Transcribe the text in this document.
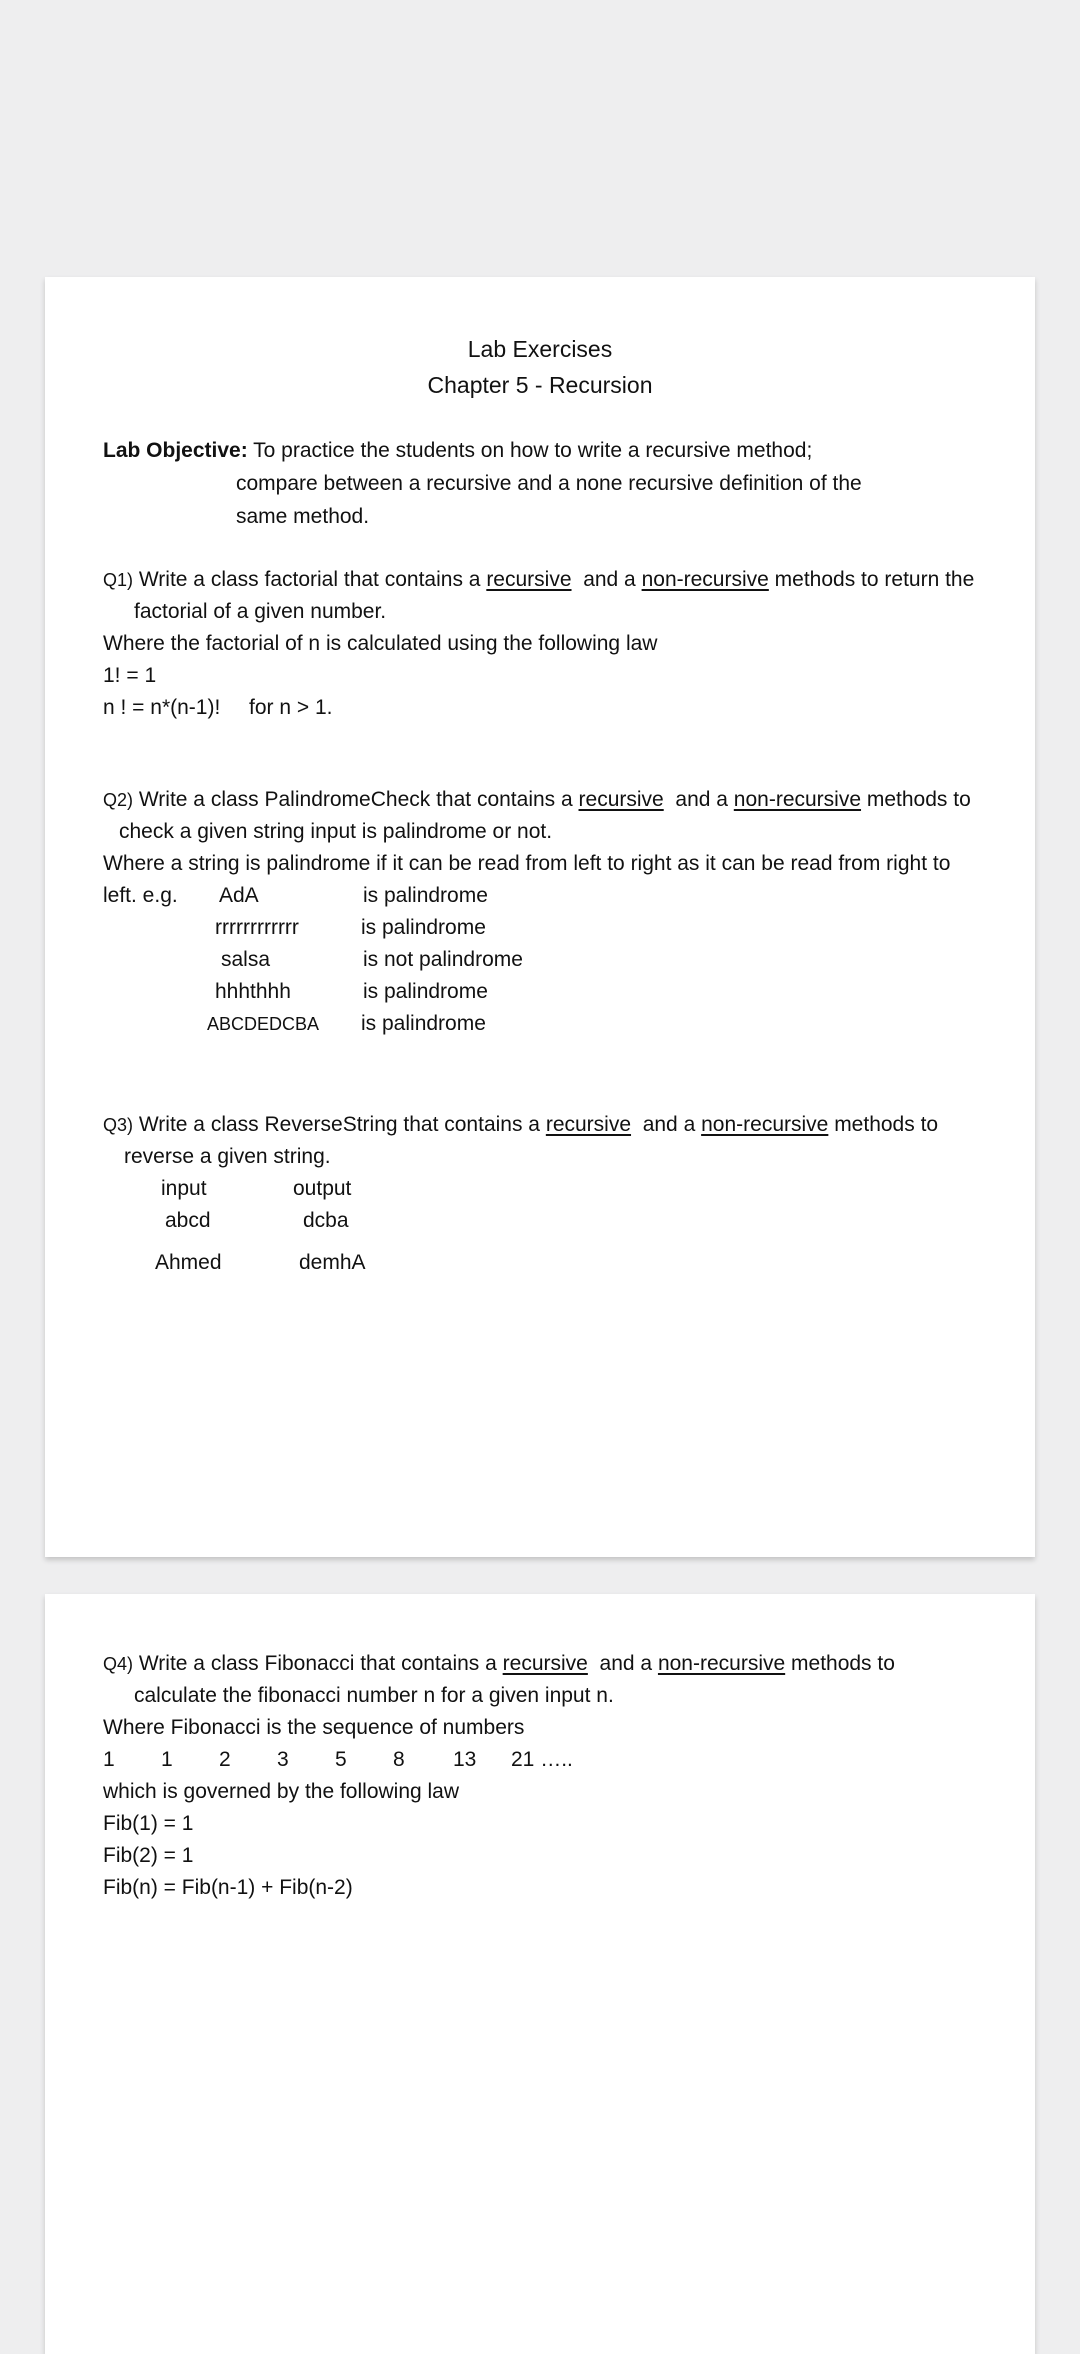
Lab Exercises
Chapter 5 - Recursion
Lab Objective: To practice the students on how to write a recursive method;
compare between a recursive and a none recursive definition of the
same method.
Q1) Write a class factorial that contains a recursive and a non-recursive methods to return the
factorial of a given number.
Where the factorial of n is calculated using the following law
1! = 1
n ! = n*(n-1)! for n > 1.
Q2) Write a class PalindromeCheck that contains a recursive and a non-recursive methods to
check a given string input is palindrome or not.
Where a string is palindrome if it can be read from left to right as it can be read from right to
left. e.g. AdA	is palindrome
rrrrrrrrrrrr	is palindrome
salsa	is not palindrome
hhhthhh	is palindrome
ABCDEDCBA is palindrome
Q3) Write a class ReverseString that contains a recursive and a non-recursive methods to
reverse a given string.
input	output
abcd	dcba
Ahmed	demhA
Q4) Write a class Fibonacci that contains a recursive and a non-recursive methods to
calculate the fibonacci number n for a given input n.
Where Fibonacci is the sequence of numbers
1 1 2 3 5 8 13 21 …..
which is governed by the following law
Fib(1) = 1
Fib(2) = 1
Fib(n) = Fib(n-1) + Fib(n-2)
